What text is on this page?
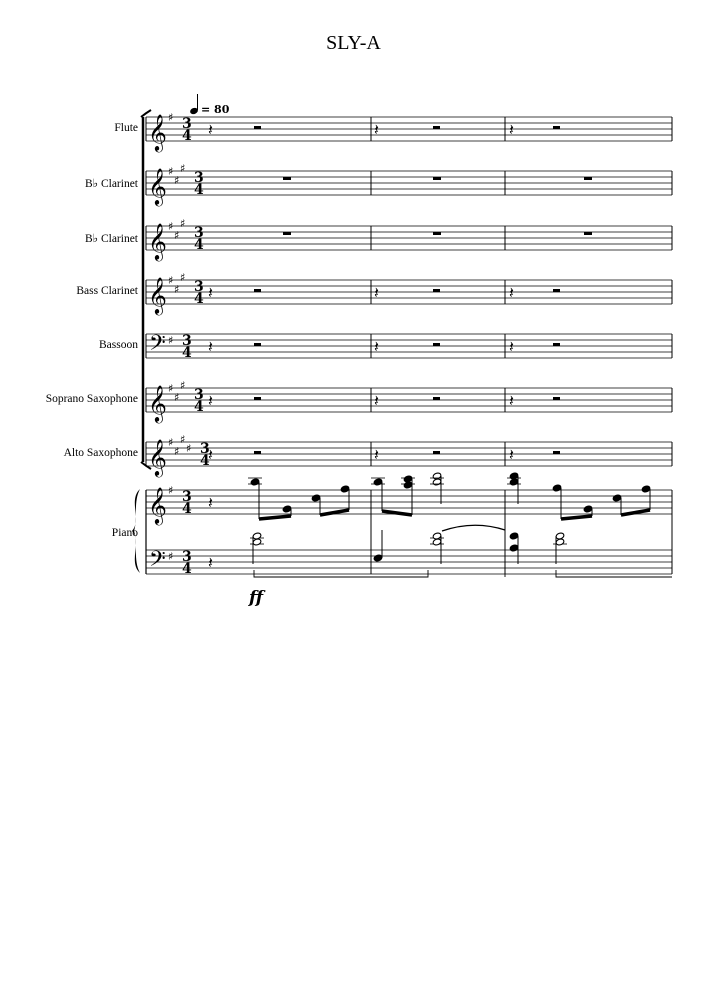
SLY-A
Flute
B♭ Clarinet
B♭ Clarinet
Bass Clarinet
Bassoon
Soprano Saxophone
Alto Saxophone
Piano
= 80
𝄞
𝄞
𝄞
𝄞
𝄢
𝄞
𝄞
𝄞
𝄢
♯
♯
♯
♯
♯
♯
♯
♯
♯
♯
♯
♯
♯
♯
♯
♯
♯
♯
♯
♯
3
4
3
4
3
4
3
4
3
4
3
4
3
4
3
4
3
4
𝄽	𝄽	𝄽
𝄽	𝄽	𝄽
𝄽	𝄽	𝄽
𝄽	𝄽	𝄽
𝄽	𝄽	𝄽
𝄽
𝄽
ff
